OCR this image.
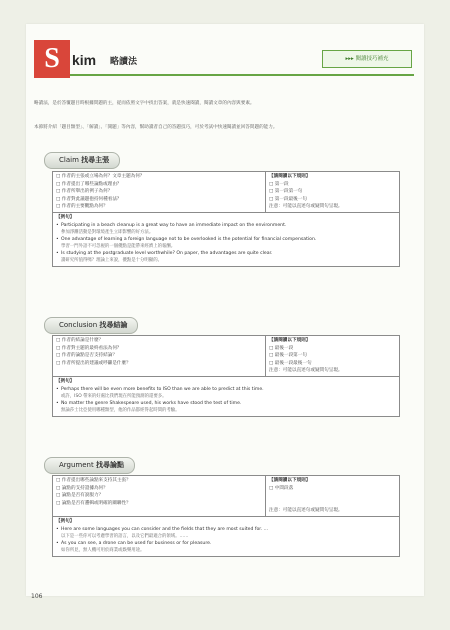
S kim 略讀法	▸▸▸ 閱讀技巧補充
略讀法，是於答覆題目時根據問題的主，從而依照文字中找出答案，就是快速閱讀，閱讀文章的內容與要素。
本節將介紹「題目類型」、「解讀」、「開題」等內容，幫助讀者自己的答題技巧，可於考試中快速閱讀並回答問題的能力。
Claim 找尋主張
□ 作者的主張或立場為何？文章主題為何？
□ 作者提出了哪些論點或理由？
□ 作者所舉出的例子為何？
□ 作者對此議題抱持何種看法？
□ 作者的主要觀點為何？
【請閱讀以下規則】
□ 第一段
□ 第一段第一句
□ 第一段最後一句
注意：可能以直述句或疑問句呈現。
【例句】
• Participating in a beach cleanup is a great way to have an immediate impact on the environment.
參加淨灘活動是對環境產生立即影響的好方法。
• One advantage of learning a foreign language not to be overlooked is the potential for financial compensation.
學習一門外語不可忽視的一個優點是能帶來經濟上的報酬。
• Is studying at the postgraduate level worthwhile? On paper, the advantages are quite clear.
讀研究所值得嗎？理論上來說，優點是十分明顯的。
Conclusion 找尋結論
□ 作者的結論是什麼？
□ 作者對主題的最終看法為何？
□ 作者的論點是否支持結論？
□ 作者所提出的建議或呼籲是什麼？
【請閱讀以下規則】
□ 最後一段
□ 最後一段第一句
□ 最後一段最後一句
注意：可能以直述句或疑問句呈現。
【例句】
• Perhaps there will be even more benefits to ISO than we are able to predict at this time.
或許，ISO 帶來的好處比我們現在所能預測的還要多。
• No matter the genre Shakespeare used, his works have stood the test of time.
無論莎士比亞使用哪種類型，他的作品都經得起時間的考驗。
Argument 找尋論點
□ 作者提出哪些論點來支持其主張？
□ 論點的支持證據為何？
□ 論點是否有說服力？
□ 論點是否有邏輯或明確的關聯性？
【請閱讀以下規則】
□ 中間段落
注意：可能以直述句或疑問句呈現。
【例句】
• Here are some languages you can consider and the fields that they are most suited for. ...
以下是一些你可以考慮學習的語言，以及它們最適合的領域。……
• As you can see, a drone can be used for business or for pleasure.
如你所見，無人機可用於商業或娛樂用途。
106
